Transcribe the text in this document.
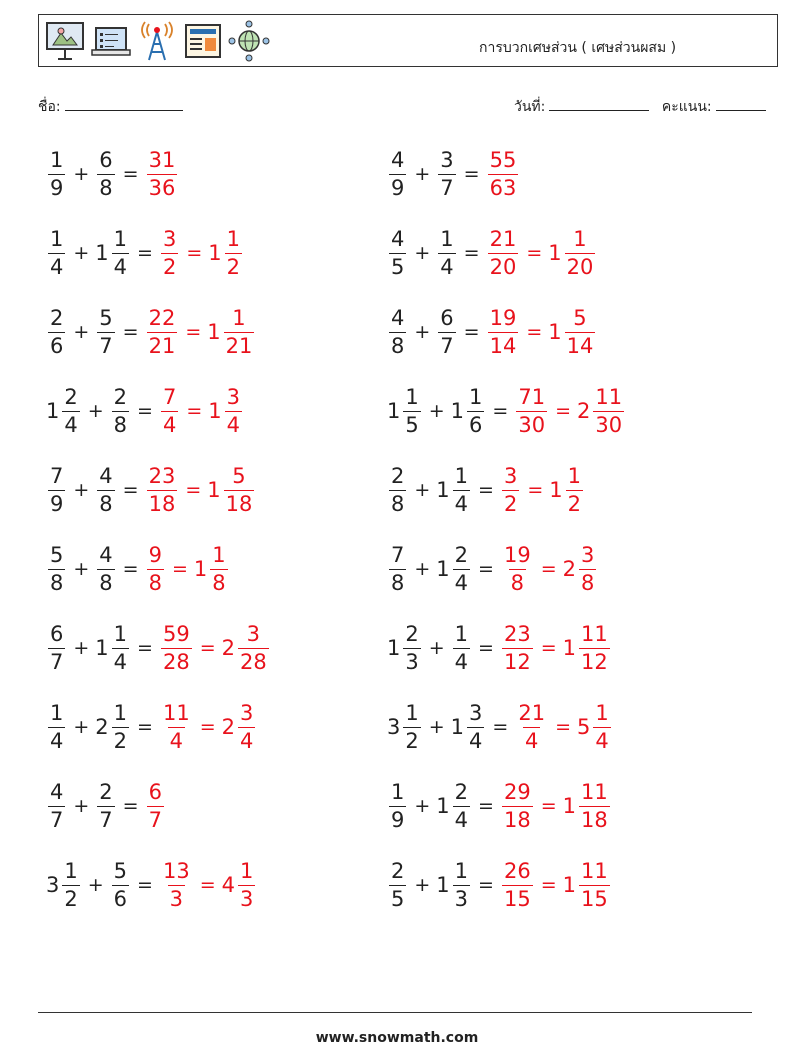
การบวกเศษส่วน ( เศษส่วนผสม )
ชื่อ:	วันที่:	คะแนน:
$\frac{1}{9} + \frac{6}{8} = \frac{31}{36}$	$\frac{4}{9} + \frac{3}{7} = \frac{55}{63}$
$\frac{1}{4} + 1 \frac{1}{4} = \frac{3}{2} = 1 \frac{1}{2}$	$\frac{4}{5} + \frac{1}{4} = \frac{21}{20} = 1 \frac{1}{20}$
$\frac{2}{6} + \frac{5}{7} = \frac{22}{21} = 1 \frac{1}{21}$	$\frac{4}{8} + \frac{6}{7} = \frac{19}{14} = 1 \frac{5}{14}$
$1 \frac{2}{4} + \frac{2}{8} = \frac{7}{4} = 1 \frac{3}{4}$	$1 \frac{1}{5} + 1 \frac{1}{6} = \frac{71}{30} = 2 \frac{11}{30}$
$\frac{7}{9} + \frac{4}{8} = \frac{23}{18} = 1 \frac{5}{18}$	$\frac{2}{8} + 1 \frac{1}{4} = \frac{3}{2} = 1 \frac{1}{2}$
$\frac{5}{8} + \frac{4}{8} = \frac{9}{8} = 1 \frac{1}{8}$	$\frac{7}{8} + 1 \frac{2}{4} = \frac{19}{8} = 2 \frac{3}{8}$
$\frac{6}{7} + 1 \frac{1}{4} = \frac{59}{28} = 2 \frac{3}{28}$	$1 \frac{2}{3} + \frac{1}{4} = \frac{23}{12} = 1 \frac{11}{12}$
$\frac{1}{4} + 2 \frac{1}{2} = \frac{11}{4} = 2 \frac{3}{4}$	$3 \frac{1}{2} + 1 \frac{3}{4} = \frac{21}{4} = 5 \frac{1}{4}$
$\frac{4}{7} + \frac{2}{7} = \frac{6}{7}$	$\frac{1}{9} + 1 \frac{2}{4} = \frac{29}{18} = 1 \frac{11}{18}$
$3 \frac{1}{2} + \frac{5}{6} = \frac{13}{3} = 4 \frac{1}{3}$	$\frac{2}{5} + 1 \frac{1}{3} = \frac{26}{15} = 1 \frac{11}{15}$
www.snowmath.com
